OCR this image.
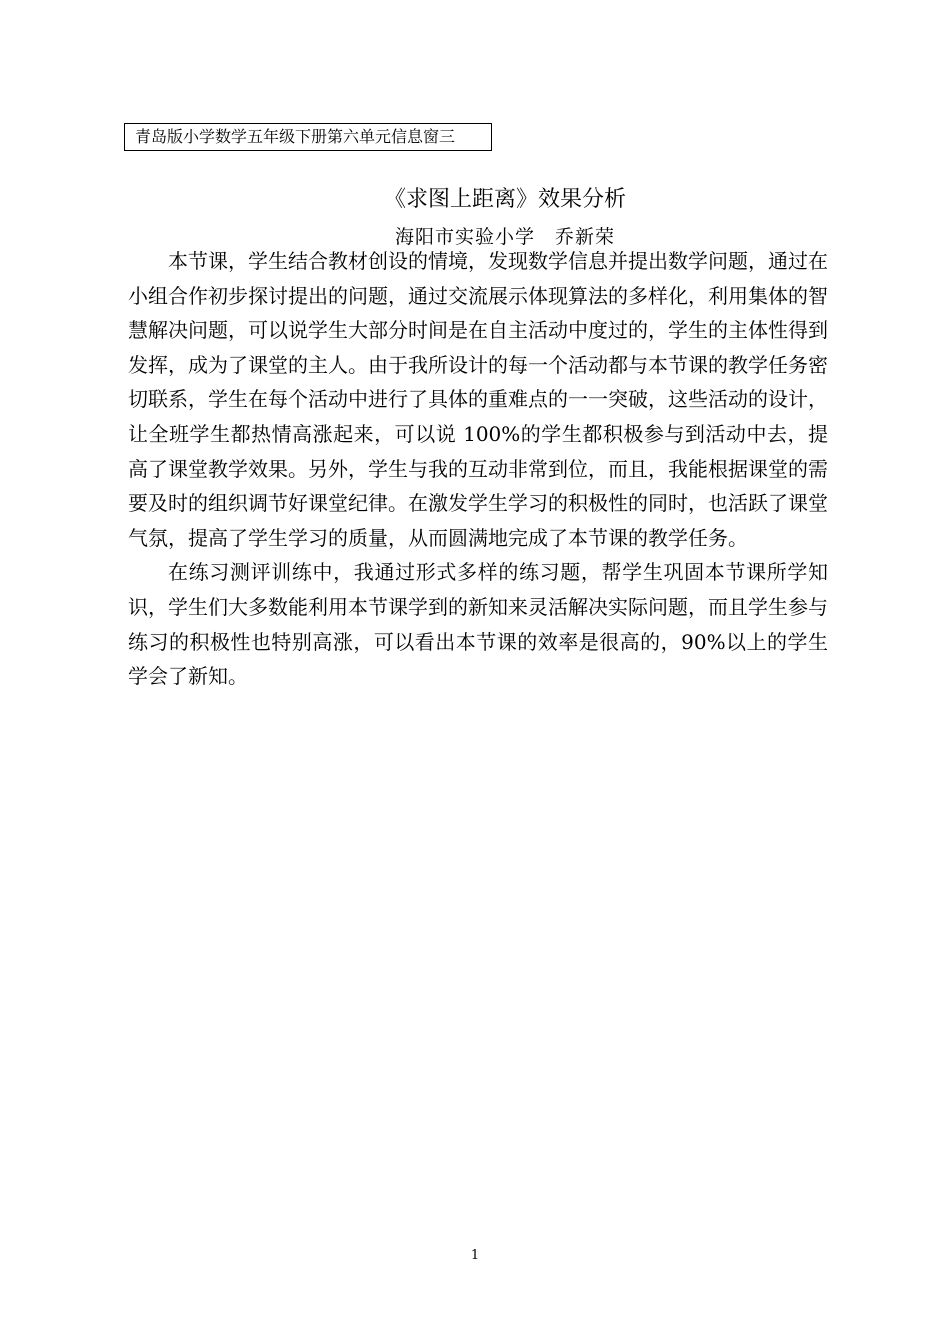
青岛版小学数学五年级下册第六单元信息窗三
《求图上距离》效果分析
海阳市实验小学　乔新荣

本节课，学生结合教材创设的情境，发现数学信息并提出数学问题，通过在小组合作初步探讨提出的问题，通过交流展示体现算法的多样化，利用集体的智慧解决问题，可以说学生大部分时间是在自主活动中度过的，学生的主体性得到发挥，成为了课堂的主人。由于我所设计的每一个活动都与本节课的教学任务密切联系，学生在每个活动中进行了具体的重难点的一一突破，这些活动的设计，让全班学生都热情高涨起来，可以说 100%的学生都积极参与到活动中去，提高了课堂教学效果。另外，学生与我的互动非常到位，而且，我能根据课堂的需要及时的组织调节好课堂纪律。在激发学生学习的积极性的同时，也活跃了课堂气氛，提高了学生学习的质量，从而圆满地完成了本节课的教学任务。

在练习测评训练中，我通过形式多样的练习题，帮学生巩固本节课所学知识，学生们大多数能利用本节课学到的新知来灵活解决实际问题，而且学生参与练习的积极性也特别高涨，可以看出本节课的效率是很高的，90%以上的学生学会了新知。

1
